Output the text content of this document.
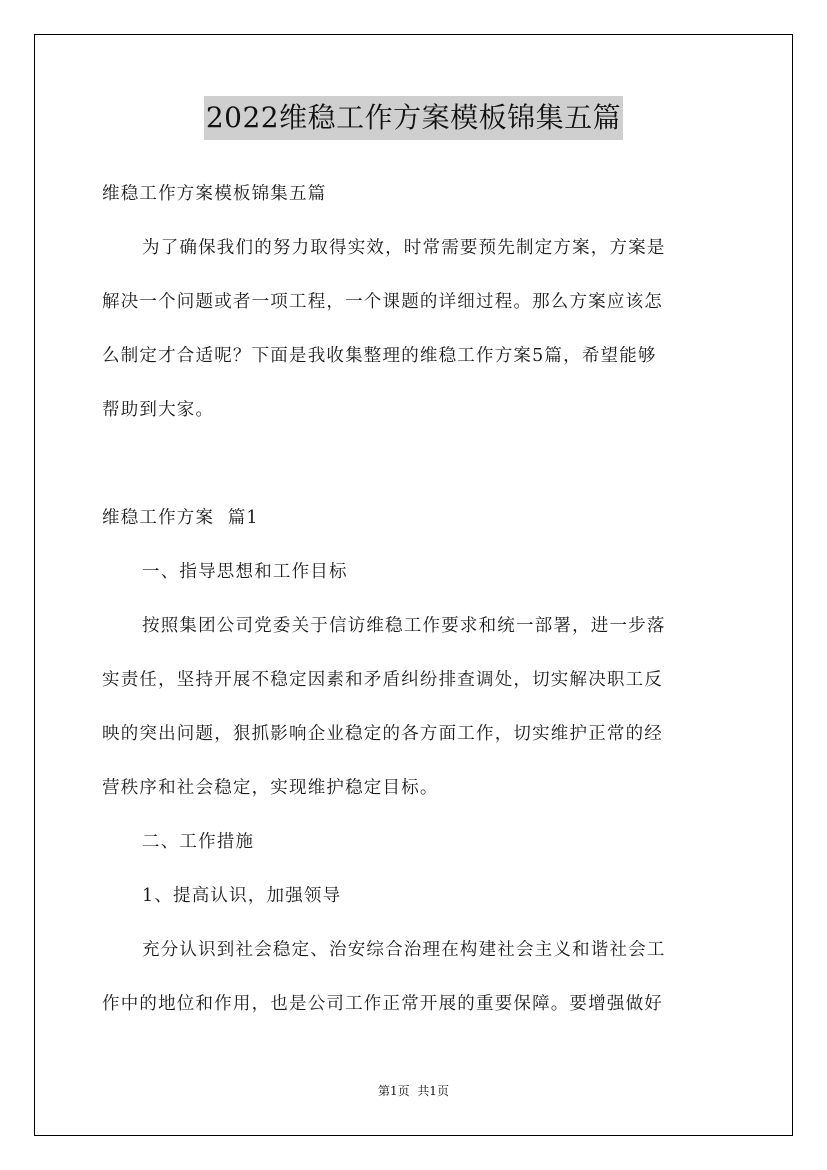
2022维稳工作方案模板锦集五篇
维稳工作方案模板锦集五篇
为了确保我们的努力取得实效，时常需要预先制定方案，方案是
解决一个问题或者一项工程，一个课题的详细过程。那么方案应该怎
么制定才合适呢？下面是我收集整理的维稳工作方案5篇，希望能够
帮助到大家。
维稳工作方案  篇1
一、指导思想和工作目标
按照集团公司党委关于信访维稳工作要求和统一部署，进一步落
实责任，坚持开展不稳定因素和矛盾纠纷排查调处，切实解决职工反
映的突出问题，狠抓影响企业稳定的各方面工作，切实维护正常的经
营秩序和社会稳定，实现维护稳定目标。
二、工作措施
1、提高认识，加强领导
充分认识到社会稳定、治安综合治理在构建社会主义和谐社会工
作中的地位和作用，也是公司工作正常开展的重要保障。要增强做好
第1页  共1页
